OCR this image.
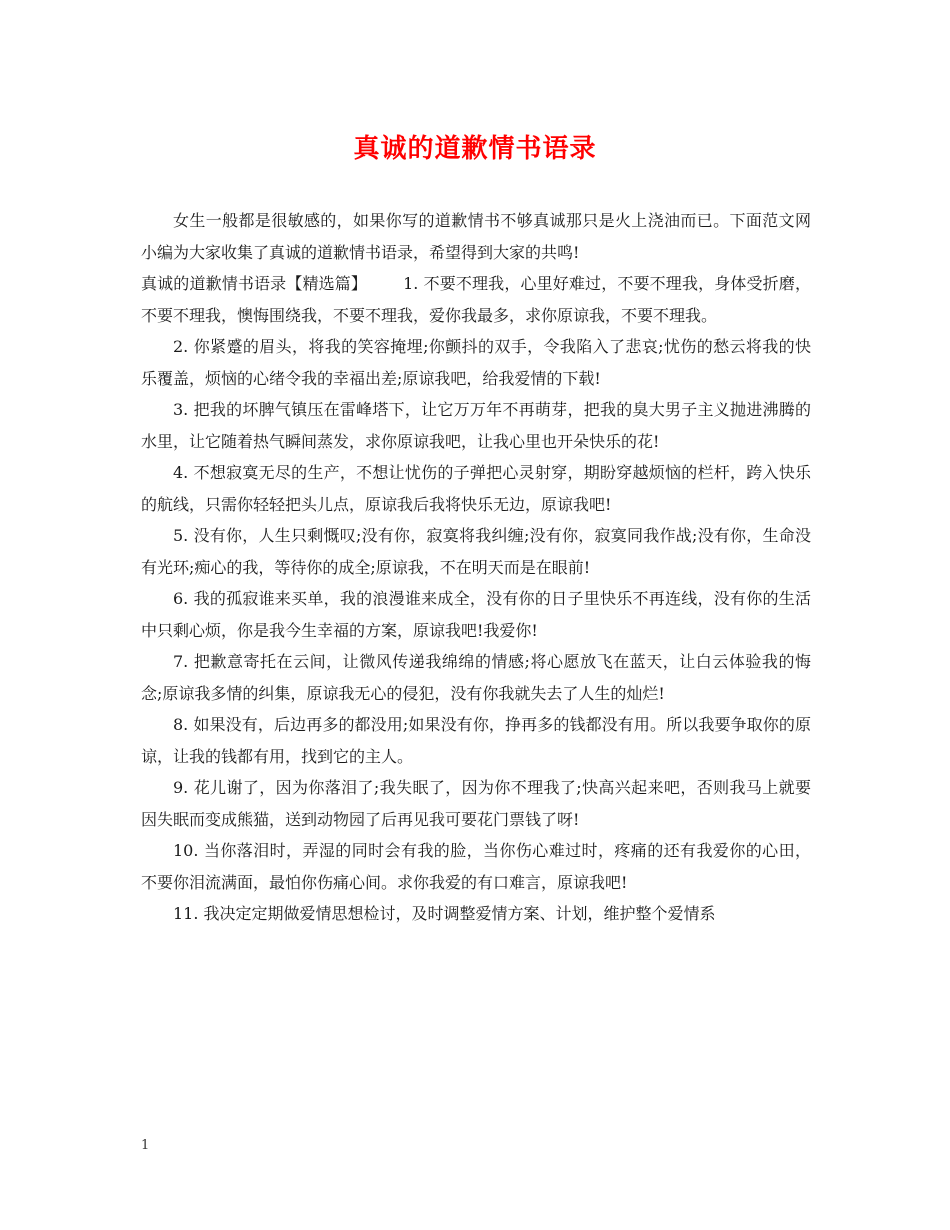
真诚的道歉情书语录

女生一般都是很敏感的，如果你写的道歉情书不够真诚那只是火上浇油而已。下面范文网小编为大家收集了真诚的道歉情书语录，希望得到大家的共鸣!

真诚的道歉情书语录【精选篇】 1. 不要不理我，心里好难过，不要不理我，身体受折磨，不要不理我，懊悔围绕我，不要不理我，爱你我最多，求你原谅我，不要不理我。

2. 你紧蹙的眉头，将我的笑容掩埋;你颤抖的双手，令我陷入了悲哀;忧伤的愁云将我的快乐覆盖，烦恼的心绪令我的幸福出差;原谅我吧，给我爱情的下载!

3. 把我的坏脾气镇压在雷峰塔下，让它万万年不再萌芽，把我的臭大男子主义抛进沸腾的水里，让它随着热气瞬间蒸发，求你原谅我吧，让我心里也开朵快乐的花!

4. 不想寂寞无尽的生产，不想让忧伤的子弹把心灵射穿，期盼穿越烦恼的栏杆，跨入快乐的航线，只需你轻轻把头儿点，原谅我后我将快乐无边，原谅我吧!

5. 没有你，人生只剩慨叹;没有你，寂寞将我纠缠;没有你，寂寞同我作战;没有你，生命没有光环;痴心的我，等待你的成全;原谅我，不在明天而是在眼前!

6. 我的孤寂谁来买单，我的浪漫谁来成全，没有你的日子里快乐不再连线，没有你的生活中只剩心烦，你是我今生幸福的方案，原谅我吧!我爱你!

7. 把歉意寄托在云间，让微风传递我绵绵的情感;将心愿放飞在蓝天，让白云体验我的悔念;原谅我多情的纠集，原谅我无心的侵犯，没有你我就失去了人生的灿烂!

8. 如果没有，后边再多的都没用;如果没有你，挣再多的钱都没有用。所以我要争取你的原谅，让我的钱都有用，找到它的主人。

9. 花儿谢了，因为你落泪了;我失眠了，因为你不理我了;快高兴起来吧，否则我马上就要因失眠而变成熊猫，送到动物园了后再见我可要花门票钱了呀!

10. 当你落泪时，弄湿的同时会有我的脸，当你伤心难过时，疼痛的还有我爱你的心田，不要你泪流满面，最怕你伤痛心间。求你我爱的有口难言，原谅我吧!

11. 我决定定期做爱情思想检讨，及时调整爱情方案、计划，维护整个爱情系

1
